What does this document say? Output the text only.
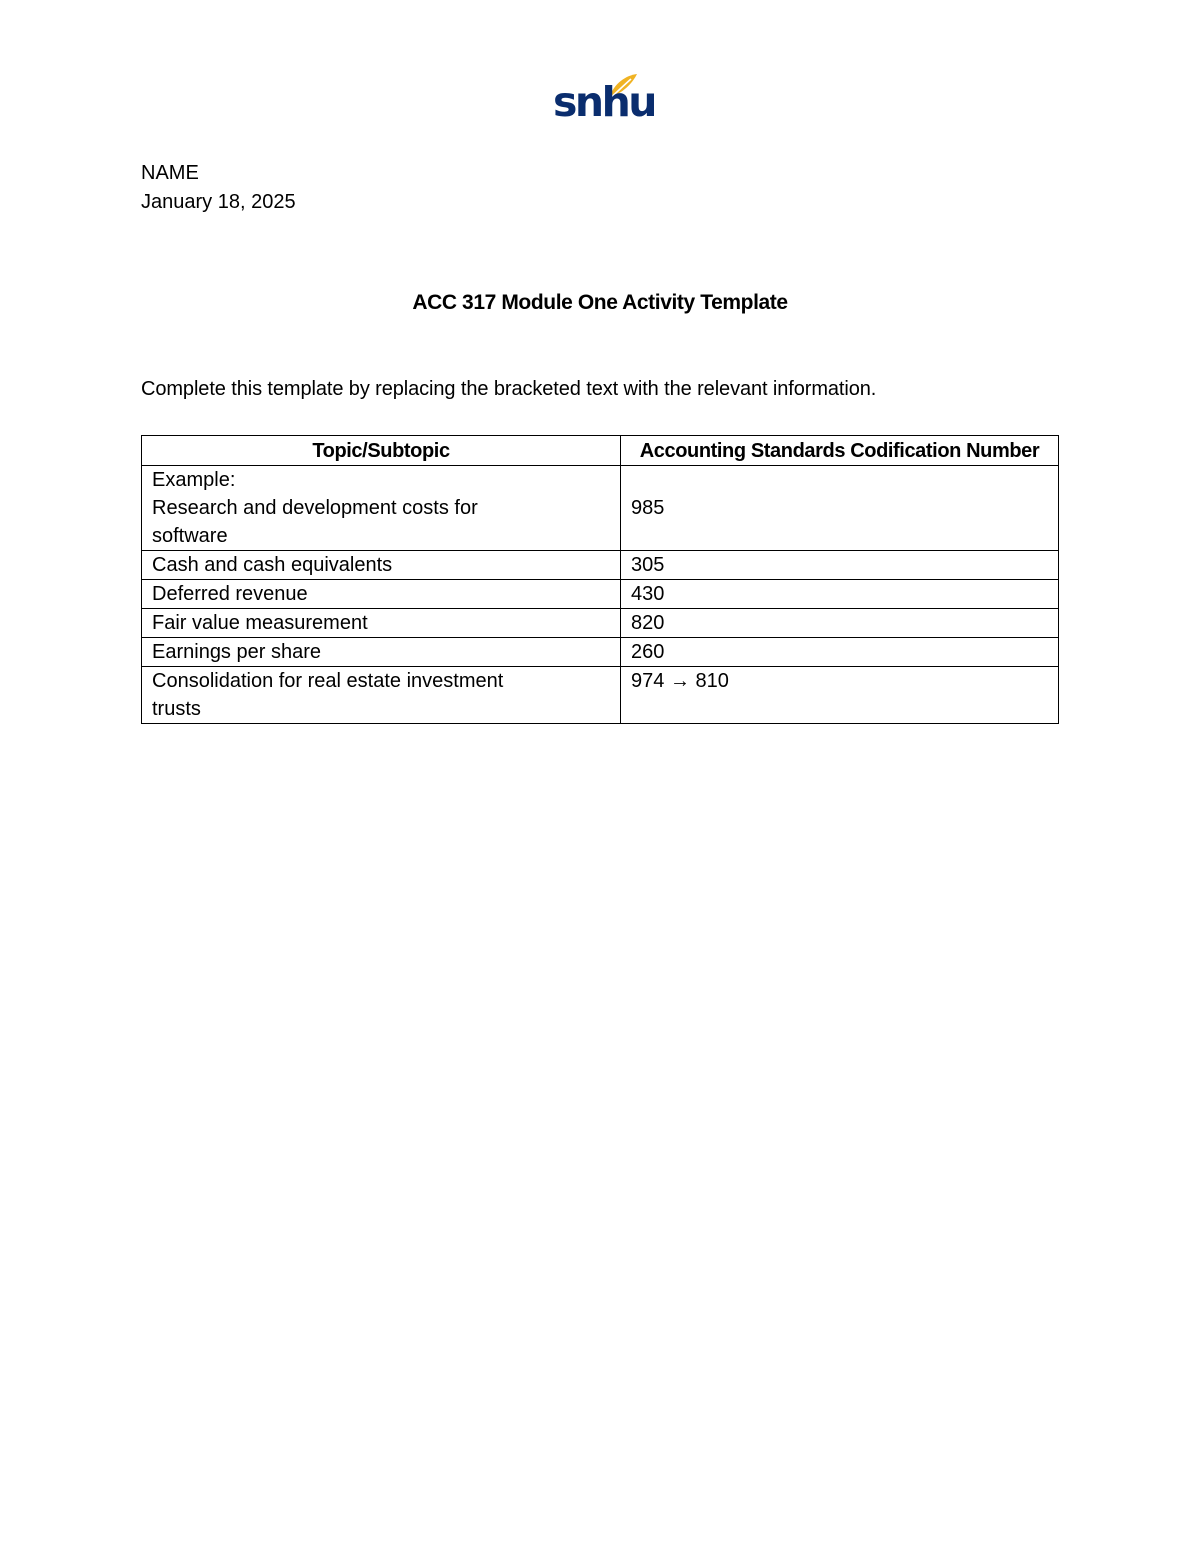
snhu
NAME
January 18, 2025
ACC 317 Module One Activity Template
Complete this template by replacing the bracketed text with the relevant information.
Topic/Subtopic	Accounting Standards Codification Number

Example:
Research and development costs for
software	985
Cash and cash equivalents	305
Deferred revenue	430
Fair value measurement	820
Earnings per share	260

Consolidation for real estate investment
trusts	974 → 810
